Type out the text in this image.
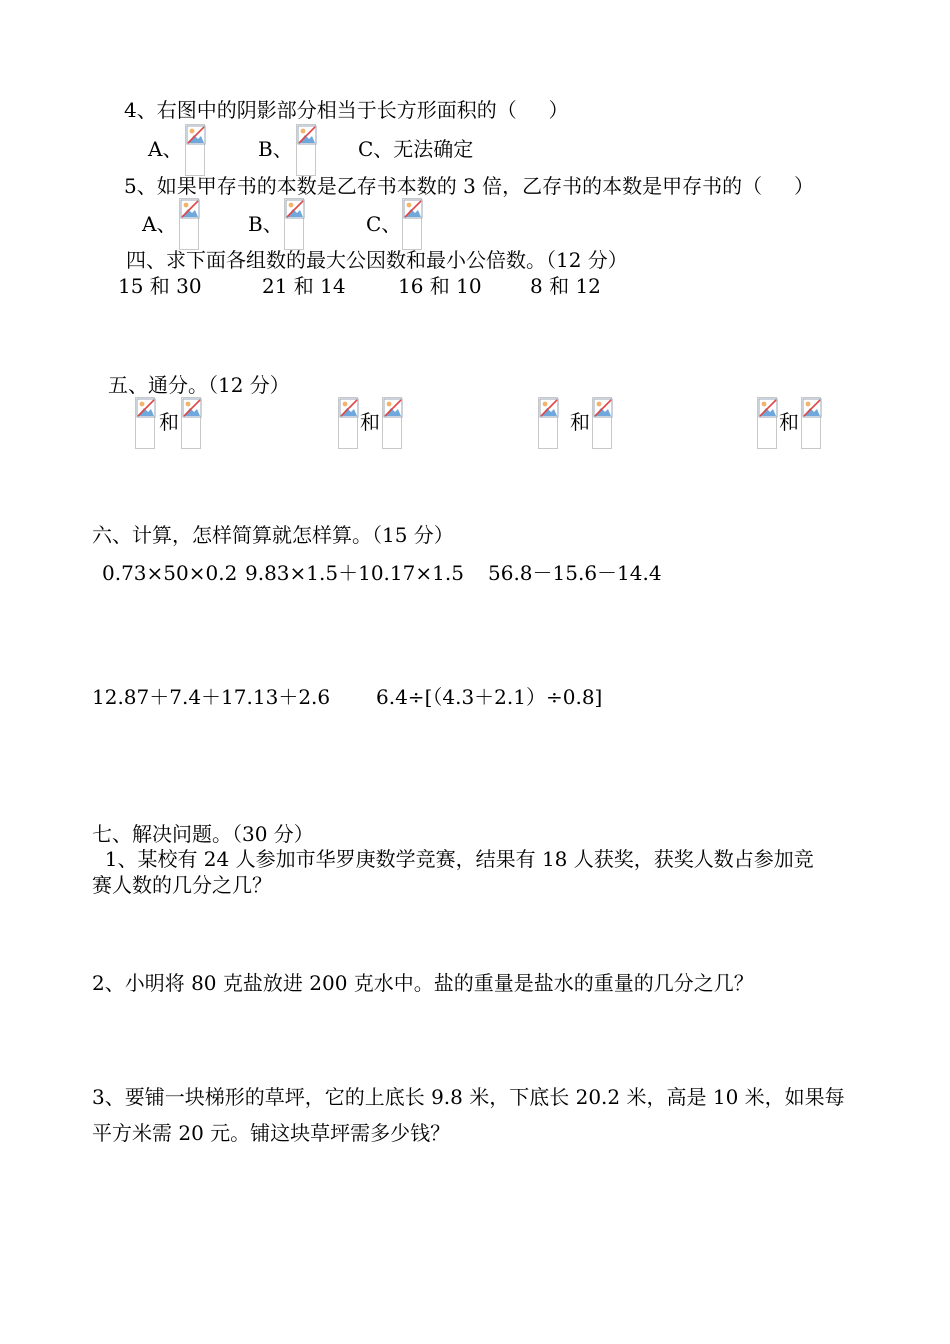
4、右图中的阴影部分相当于长方形面积的（     ）
A、	B、	C、无法确定
5、如果甲存书的本数是乙存书本数的 3 倍，乙存书的本数是甲存书的（     ）
A、	B、	C、
四、求下面各组数的最大公因数和最小公倍数。（12 分）
15 和 30	21 和 14	16 和 10 8 和 12
五、通分。（12 分）
和	和	和	和
六、计算，怎样简算就怎样算。（15 分）
0.73×50×0.2 9.83×1.5＋10.17×1.5 56.8－15.6－14.4
12.87＋7.4＋17.13＋2.6 6.4÷[（4.3＋2.1）÷0.8]
七、解决问题。（30 分）
1、某校有 24 人参加市华罗庚数学竞赛，结果有 18 人获奖，获奖人数占参加竞
赛人数的几分之几？
2、小明将 80 克盐放进 200 克水中。盐的重量是盐水的重量的几分之几？
3、要铺一块梯形的草坪，它的上底长 9.8 米，下底长 20.2 米，高是 10 米，如果每
平方米需 20 元。铺这块草坪需多少钱？
